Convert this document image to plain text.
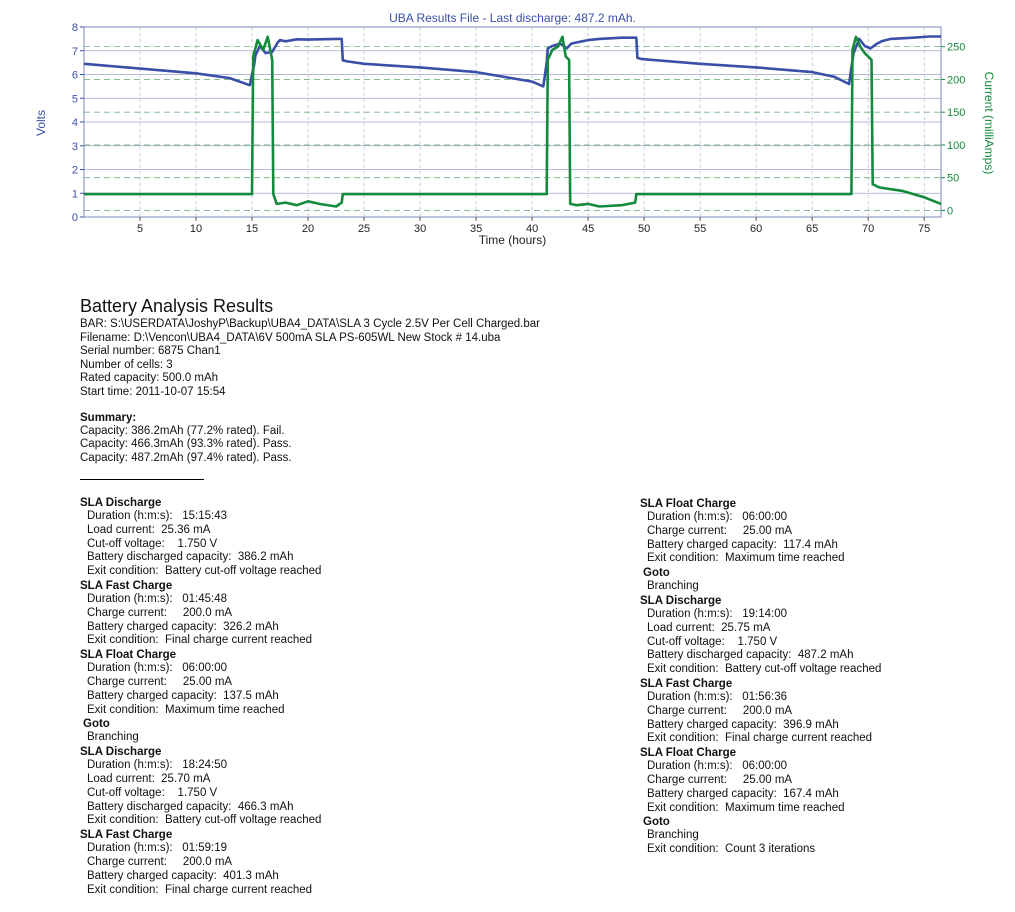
5	10	15	20	25	30	35	40	45	50	55	60	65	70	75
0
1
2
3
4
5
6
7
8
0
50
100
150
200
250
UBA Results File - Last discharge: 487.2 mAh.
Time (hours)
Volts	Current (milliAmps)
Battery Analysis Results
BAR: S:\USERDATA\JoshyP\Backup\UBA4_DATA\SLA 3 Cycle 2.5V Per Cell Charged.bar
Filename: D:\Vencon\UBA4_DATA\6V 500mA SLA PS-605WL New Stock # 14.uba
Serial number: 6875 Chan1
Number of cells: 3
Rated capacity: 500.0 mAh
Start time: 2011-10-07 15:54
Summary:
Capacity: 386.2mAh (77.2% rated). Fail.
Capacity: 466.3mAh (93.3% rated). Pass.
Capacity: 487.2mAh (97.4% rated). Pass.
SLA Discharge
Duration (h:m:s):   15:15:43
Load current:  25.36 mA
Cut-off voltage:    1.750 V
Battery discharged capacity:  386.2 mAh
Exit condition:  Battery cut-off voltage reached
SLA Fast Charge
Duration (h:m:s):   01:45:48
Charge current:     200.0 mA
Battery charged capacity:  326.2 mAh
Exit condition:  Final charge current reached
SLA Float Charge
Duration (h:m:s):   06:00:00
Charge current:     25.00 mA
Battery charged capacity:  137.5 mAh
Exit condition:  Maximum time reached
Goto
Branching
SLA Discharge
Duration (h:m:s):   18:24:50
Load current:  25.70 mA
Cut-off voltage:    1.750 V
Battery discharged capacity:  466.3 mAh
Exit condition:  Battery cut-off voltage reached
SLA Fast Charge
Duration (h:m:s):   01:59:19
Charge current:     200.0 mA
Battery charged capacity:  401.3 mAh
Exit condition:  Final charge current reached
SLA Float Charge
Duration (h:m:s):   06:00:00
Charge current:     25.00 mA
Battery charged capacity:  117.4 mAh
Exit condition:  Maximum time reached
Goto
Branching
SLA Discharge
Duration (h:m:s):   19:14:00
Load current:  25.75 mA
Cut-off voltage:    1.750 V
Battery discharged capacity:  487.2 mAh
Exit condition:  Battery cut-off voltage reached
SLA Fast Charge
Duration (h:m:s):   01:56:36
Charge current:     200.0 mA
Battery charged capacity:  396.9 mAh
Exit condition:  Final charge current reached
SLA Float Charge
Duration (h:m:s):   06:00:00
Charge current:     25.00 mA
Battery charged capacity:  167.4 mAh
Exit condition:  Maximum time reached
Goto
Branching
Exit condition:  Count 3 iterations
